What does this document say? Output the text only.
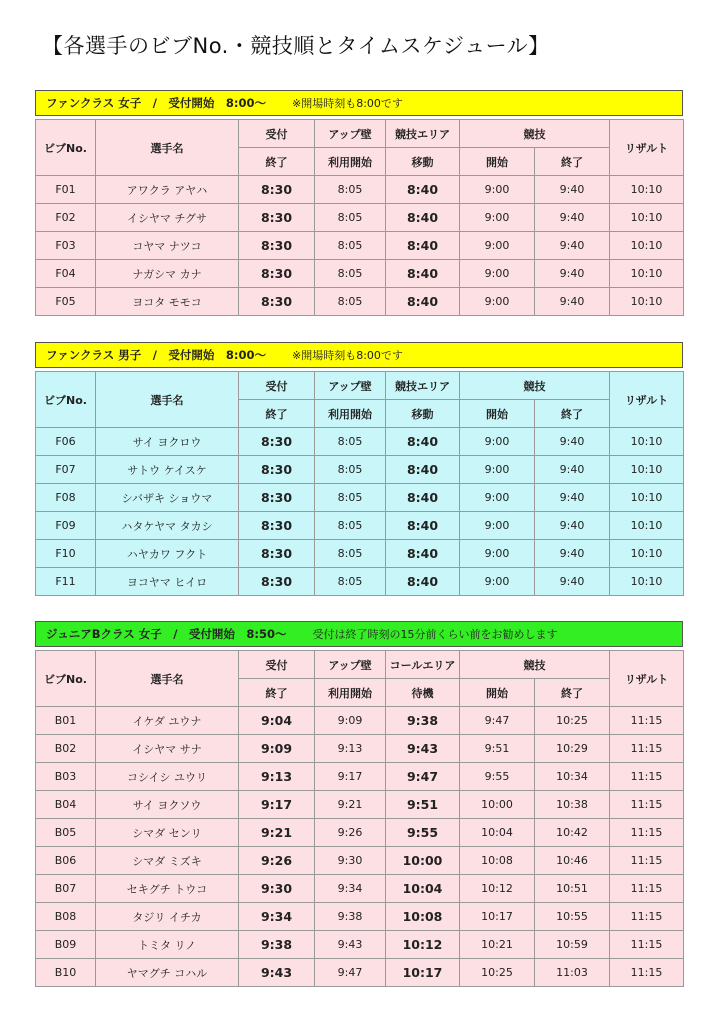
【各選手のビブNo.・競技順とタイムスケジュール】
ファンクラス 女子　/　受付開始　8:00～ ※開場時刻も8:00です
ビブNo.	選手名	受付	アップ壁	競技エリア	競技		リザルト
		終了	利用開始	移動	開始	終了	
F01	アワクラ アヤハ	8:30	8:05	8:40	9:00	9:40	10:10
F02	イシヤマ チグサ	8:30	8:05	8:40	9:00	9:40	10:10
F03	コヤマ ナツコ	8:30	8:05	8:40	9:00	9:40	10:10
F04	ナガシマ カナ	8:30	8:05	8:40	9:00	9:40	10:10
F05	ヨコタ モモコ	8:30	8:05	8:40	9:00	9:40	10:10
ファンクラス 男子　/　受付開始　8:00～ ※開場時刻も8:00です
ビブNo.	選手名	受付	アップ壁	競技エリア	競技		リザルト
		終了	利用開始	移動	開始	終了	
F06	サイ ヨクロウ	8:30	8:05	8:40	9:00	9:40	10:10
F07	サトウ ケイスケ	8:30	8:05	8:40	9:00	9:40	10:10
F08	シバザキ ショウマ	8:30	8:05	8:40	9:00	9:40	10:10
F09	ハタケヤマ タカシ	8:30	8:05	8:40	9:00	9:40	10:10
F10	ハヤカワ フクト	8:30	8:05	8:40	9:00	9:40	10:10
F11	ヨコヤマ ヒイロ	8:30	8:05	8:40	9:00	9:40	10:10
ジュニアBクラス 女子　/　受付開始　8:50～ 受付は終了時刻の15分前くらい前をお勧めします
ビブNo.	選手名	受付	アップ壁	コールエリア	競技		リザルト
		終了	利用開始	待機	開始	終了	
B01	イケダ ユウナ	9:04	9:09	9:38	9:47	10:25	11:15
B02	イシヤマ サナ	9:09	9:13	9:43	9:51	10:29	11:15
B03	コシイシ ユウリ	9:13	9:17	9:47	9:55	10:34	11:15
B04	サイ ヨクソウ	9:17	9:21	9:51	10:00	10:38	11:15
B05	シマダ センリ	9:21	9:26	9:55	10:04	10:42	11:15
B06	シマダ ミズキ	9:26	9:30	10:00	10:08	10:46	11:15
B07	セキグチ トウコ	9:30	9:34	10:04	10:12	10:51	11:15
B08	タジリ イチカ	9:34	9:38	10:08	10:17	10:55	11:15
B09	トミタ リノ	9:38	9:43	10:12	10:21	10:59	11:15
B10	ヤマグチ コハル	9:43	9:47	10:17	10:25	11:03	11:15
